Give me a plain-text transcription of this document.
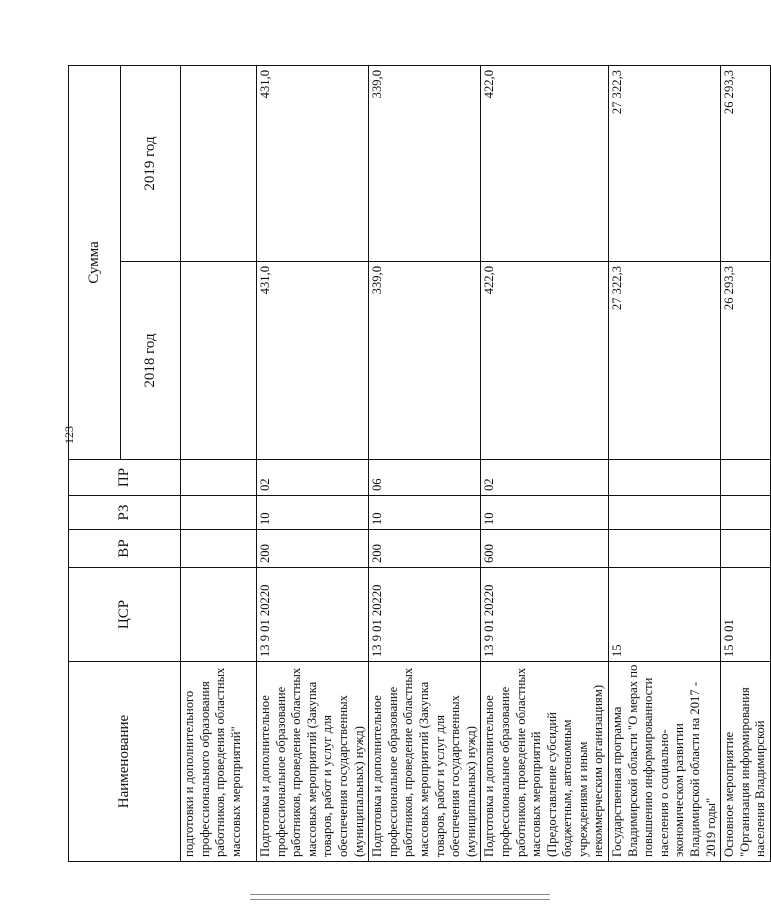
123
Наименование	ЦСР	ВР	РЗ	ПР	Сумма	
					2018 год	2019 год
подготовки и дополнительного профессионального образования работников, проведения областных массовых мероприятий"						
Подготовка и дополнительное профессиональное образование работников, проведение областных массовых мероприятий (Закупка товаров, работ и услуг для обеспечения государственных (муниципальных) нужд)	13 9 01 20220	200	10	02	431,0	431,0
Подготовка и дополнительное профессиональное образование работников, проведение областных массовых мероприятий (Закупка товаров, работ и услуг для обеспечения государственных (муниципальных) нужд)	13 9 01 20220	200	10	06	339,0	339,0
Подготовка и дополнительное профессиональное образование работников, проведение областных массовых мероприятий (Предоставление субсидий бюджетным, автономным учреждениям и иным некоммерческим организациям)	13 9 01 20220	600	10	02	422,0	422,0
Государственная программа Владимирской области "О мерах по повышению информированности населения о социально-экономическом развитии Владимирской области на 2017 - 2019 годы"	15				27 322,3	27 322,3
Основное мероприятие "Организация информирования населения Владимирской	15 0 01				26 293,3	26 293,3
